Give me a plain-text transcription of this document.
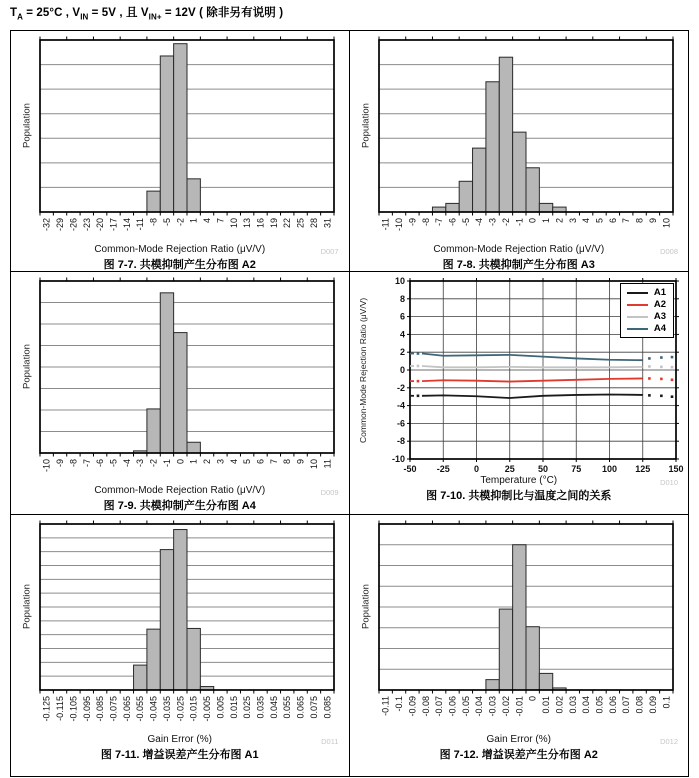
$T_A = 25^\circ C$ , $V_{IN} = 5V$ , 且 $V_{IN+} = 12V$ ( 除非另有说明 )
Population
-32 -29 -26 -23 -20 -17 -14 -11 -8 -5 -2 1 4 7 10 13 16 19 22 25 28 31
Common-Mode Rejection Ratio (μV/V)	D007
图 7-7. 共模抑制产生分布图 A2
Population
-11 -10 -9 -8 -7 -6 -5 -4 -3 -2 -1 0 1 2 3 4 5 6 7 8 9 10
Common-Mode Rejection Ratio (μV/V)	D008
图 7-8. 共模抑制产生分布图 A3
Population
-10 -9 -8 -7 -6 -5 -4 -3 -2 -1 0 1 2 3 4 5 6 7 8 9 10 11
Common-Mode Rejection Ratio (μV/V)	D009
图 7-9. 共模抑制产生分布图 A4
Common-Mode Rejection Ratio (μV/V)
-50 -25	0	25	50	75 100 125 150
10
8
6
4
2
0
-2
-4
-6
-8
-10
A1
A2
A3
A4
Temperature (°C)	D010
图 7-10. 共模抑制比与温度之间的关系
Population
-0.125 -0.115 -0.105 -0.095 -0.085 -0.075 -0.065 -0.055 -0.045 -0.035 -0.025 -0.015 -0.005 0.005 0.015 0.025 0.035 0.045 0.055 0.065 0.075 0.085
Gain Error (%)	D011
图 7-11. 增益误差产生分布图 A1
Population
-0.11 -0.1 -0.09 -0.08 -0.07 -0.06 -0.05 -0.04 -0.03 -0.02 -0.01 0 0.01 0.02 0.03 0.04 0.05 0.06 0.07 0.08 0.09 0.1
Gain Error (%)	D012
图 7-12. 增益误差产生分布图 A2
